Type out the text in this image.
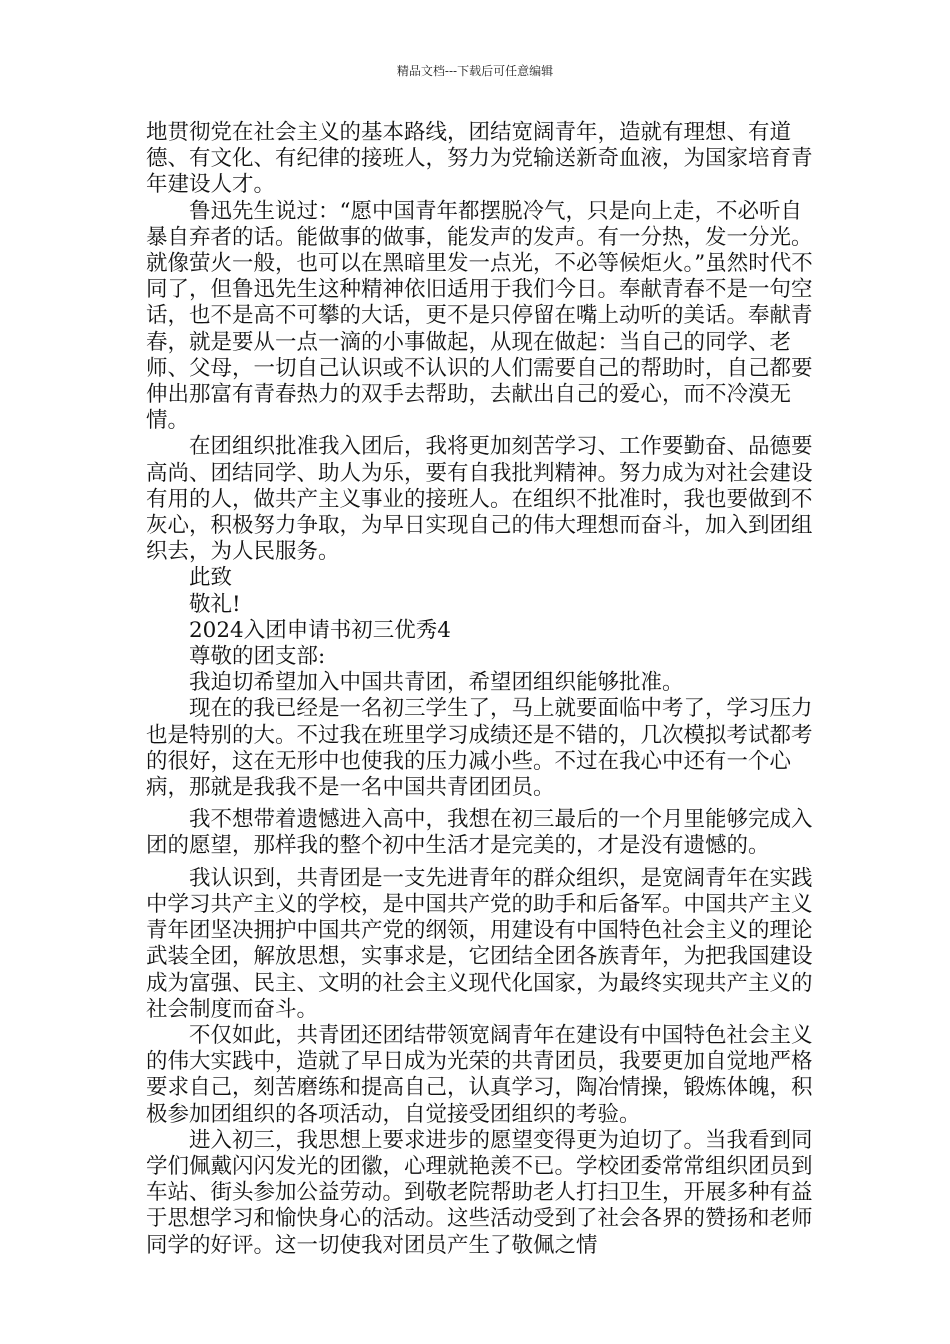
精品文档---下载后可任意编辑

地贯彻党在社会主义的基本路线，团结宽阔青年，造就有理想、有道德、有文化、有纪律的接班人，努力为党输送新奇血液，为国家培育青年建设人才。

鲁迅先生说过：“愿中国青年都摆脱冷气，只是向上走，不必听自暴自弃者的话。能做事的做事，能发声的发声。有一分热，发一分光。就像萤火一般，也可以在黑暗里发一点光，不必等候炬火。”虽然时代不同了，但鲁迅先生这种精神依旧适用于我们今日。奉献青春不是一句空话，也不是高不可攀的大话，更不是只停留在嘴上动听的美话。奉献青春，就是要从一点一滴的小事做起，从现在做起：当自己的同学、老师、父母，一切自己认识或不认识的人们需要自己的帮助时，自己都要伸出那富有青春热力的双手去帮助，去献出自己的爱心，而不冷漠无情。

在团组织批准我入团后，我将更加刻苦学习、工作要勤奋、品德要高尚、团结同学、助人为乐，要有自我批判精神。努力成为对社会建设有用的人，做共产主义事业的接班人。在组织不批准时，我也要做到不灰心，积极努力争取，为早日实现自己的伟大理想而奋斗，加入到团组织去，为人民服务。

此致

敬礼!

2024入团申请书初三优秀4

尊敬的团支部:

我迫切希望加入中国共青团，希望团组织能够批准。

现在的我已经是一名初三学生了，马上就要面临中考了，学习压力也是特别的大。不过我在班里学习成绩还是不错的，几次模拟考试都考的很好，这在无形中也使我的压力减小些。不过在我心中还有一个心病，那就是我我不是一名中国共青团团员。

我不想带着遗憾进入高中，我想在初三最后的一个月里能够完成入团的愿望，那样我的整个初中生活才是完美的，才是没有遗憾的。

我认识到，共青团是一支先进青年的群众组织，是宽阔青年在实践中学习共产主义的学校，是中国共产党的助手和后备军。中国共产主义青年团坚决拥护中国共产党的纲领，用建设有中国特色社会主义的理论武装全团，解放思想，实事求是，它团结全团各族青年，为把我国建设成为富强、民主、文明的社会主义现代化国家，为最终实现共产主义的社会制度而奋斗。

不仅如此，共青团还团结带领宽阔青年在建设有中国特色社会主义的伟大实践中，造就了早日成为光荣的共青团员，我要更加自觉地严格要求自己，刻苦磨练和提高自己，认真学习，陶冶情操，锻炼体魄，积极参加团组织的各项活动，自觉接受团组织的考验。

进入初三，我思想上要求进步的愿望变得更为迫切了。当我看到同学们佩戴闪闪发光的团徽，心理就艳羡不已。学校团委常常组织团员到车站、街头参加公益劳动。到敬老院帮助老人打扫卫生，开展多种有益于思想学习和愉快身心的活动。这些活动受到了社会各界的赞扬和老师同学的好评。这一切使我对团员产生了敬佩之情
